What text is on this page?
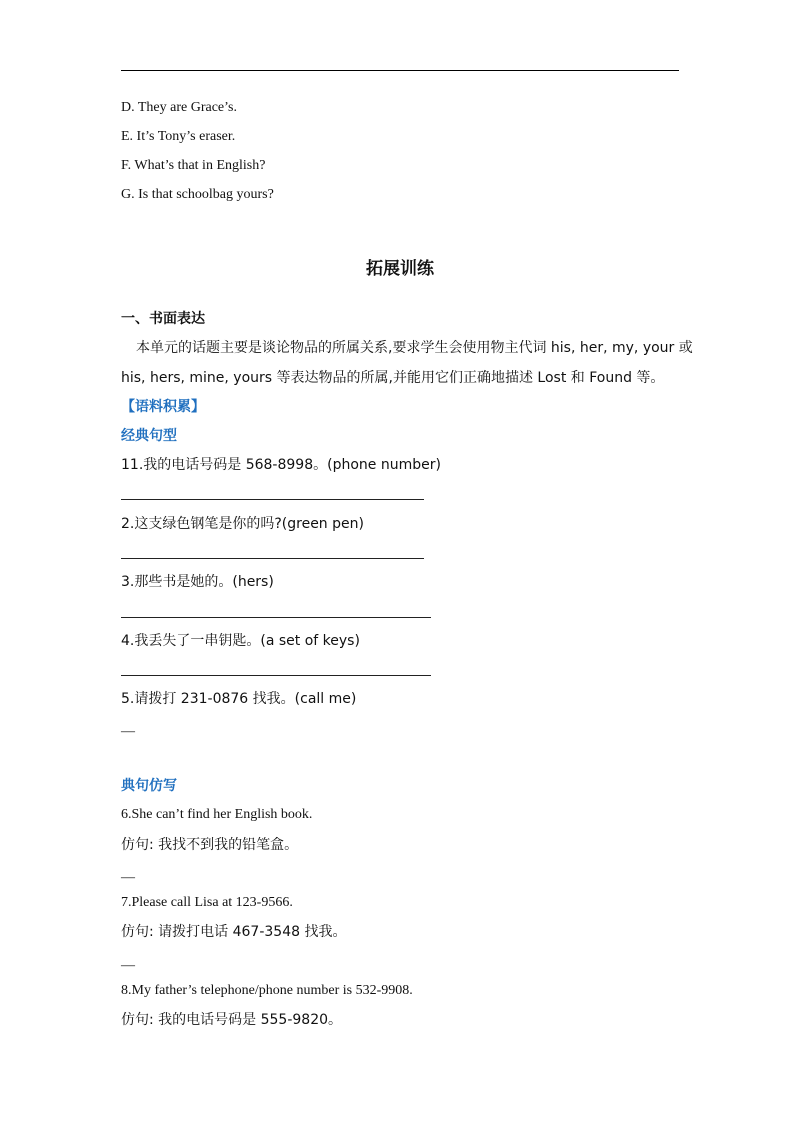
D. They are Grace’s.
E. It’s Tony’s eraser.
F. What’s that in English?
G. Is that schoolbag yours?
拓展训练
一、书面表达
本单元的话题主要是谈论物品的所属关系,要求学生会使用物主代词 his, her, my, your 或
his, hers, mine, yours 等表达物品的所属,并能用它们正确地描述 Lost 和 Found 等。
【语料积累】
经典句型
11.我的电话号码是 568-8998。(phone number)
2.这支绿色钢笔是你的吗?(green pen)
3.那些书是她的。(hers)
4.我丢失了一串钥匙。(a set of keys)
5.请拨打 231-0876 找我。(call me)
—
典句仿写
6.She can’t find her English book.
仿句: 我找不到我的铅笔盒。
—
7.Please call Lisa at 123-9566.
仿句: 请拨打电话 467-3548 找我。
—
8.My father’s telephone/phone number is 532-9908.
仿句: 我的电话号码是 555-9820。
